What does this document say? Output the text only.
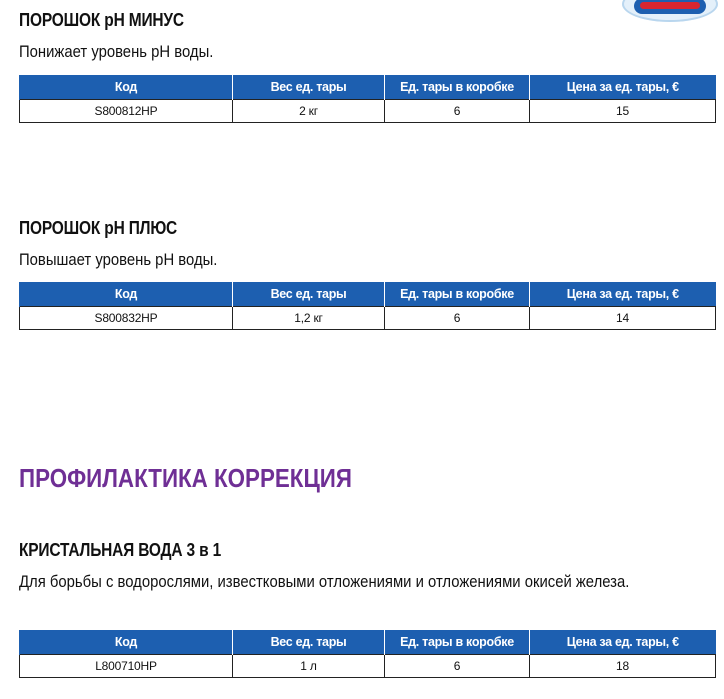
ПОРОШОК pH МИНУС
Понижает уровень pH воды.
Код	Вес ед. тары	Ед. тары в коробке	Цена за ед. тары, €
S800812HP	2 кг	6	15
ПОРОШОК pH ПЛЮС
Повышает уровень pH воды.
Код	Вес ед. тары	Ед. тары в коробке	Цена за ед. тары, €
S800832HP	1,2 кг	6	14
ПРОФИЛАКТИКА КОРРЕКЦИЯ
КРИСТАЛЬНАЯ ВОДА 3 в 1
Для борьбы с водорослями, известковыми отложениями и отложениями окисей железа.
Код	Вес ед. тары	Ед. тары в коробке	Цена за ед. тары, €
L800710HP	1 л	6	18
